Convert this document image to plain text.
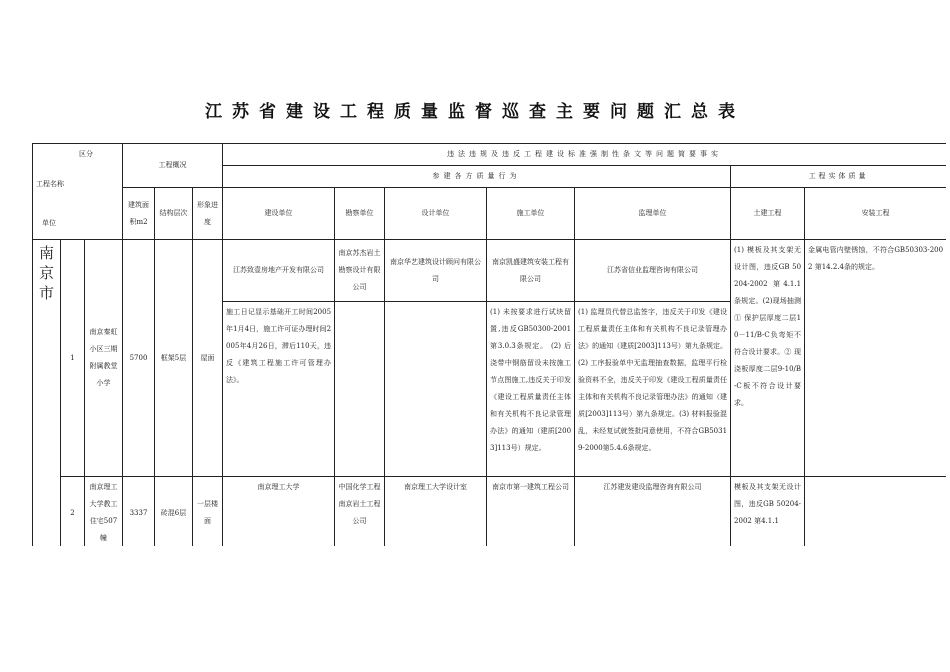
江苏省建设工程质量监督巡查主要问题汇总表
区分
工程名称
单位			工程概况			违法违规及违反工程建设标准强制性条文等问题简要事实						
						参建各方质量行为					工程实体质量	
			建筑面积m2	结构层次	形象进度	建设单位	勘察单位	设计单位	施工单位	监理单位	土建工程	安装工程
南京市	1	南京秦虹小区三期附属教堂小学	5700	框架5层	屋面	江苏致壹房地产开发有限公司	南京苏杰岩土勘察设计有限公司	南京华艺建筑设计顾问有限公司	南京凯盛建筑安装工程有限公司	江苏省信业监理咨询有限公司	(1) 模板及其支架无设计图，违反GB 50204-2002 第4.1.1条规定。(2)现场抽测① 保护层厚度二层10－11/B-C负弯矩不符合设计要求。② 现浇板厚度二层9-10/B-C板不符合设计要求。	金属电管内壁锈蚀，不符合GB50303-2002 第14.2.4条的规定。
						施工日记显示基础开工时间2005年1月4日，施工许可证办理时间2005年4月26日，滞后110天，违反《建筑工程施工许可管理办法》。			(1) 未按要求进行试块留置,违反GB50300-2001 第3.0.3条规定。 (2) 后浇带中钢筋留设未按施工节点图施工,违反关于印发《建设工程质量责任主体和有关机构不良记录管理办法》的通知（建质[2003]113号）规定。	(1) 监理员代替总监签字，违反关于印发《建设工程质量责任主体和有关机构不良记录管理办法》的通知（建质[2003]113号）第九条规定。 (2) 工序报验单中无监理抽查数据，监理平行检验资料不全，违反关于印发《建设工程质量责任主体和有关机构不良记录管理办法》的通知（建质[2003]113号）第九条规定。(3) 材料报验混乱，未经复试就签批同意使用，不符合GB50319-2000第5.4.6条规定。		
	2	南京理工大学教工住宅507幢	3337	砖混6层	一层楼面	南京理工大学	中国化学工程南京岩土工程公司	南京理工大学设计室	南京市第一建筑工程公司	江苏建发建设监理咨询有限公司	模板及其支架无设计图，违反GB 50204-2002 第4.1.1	
